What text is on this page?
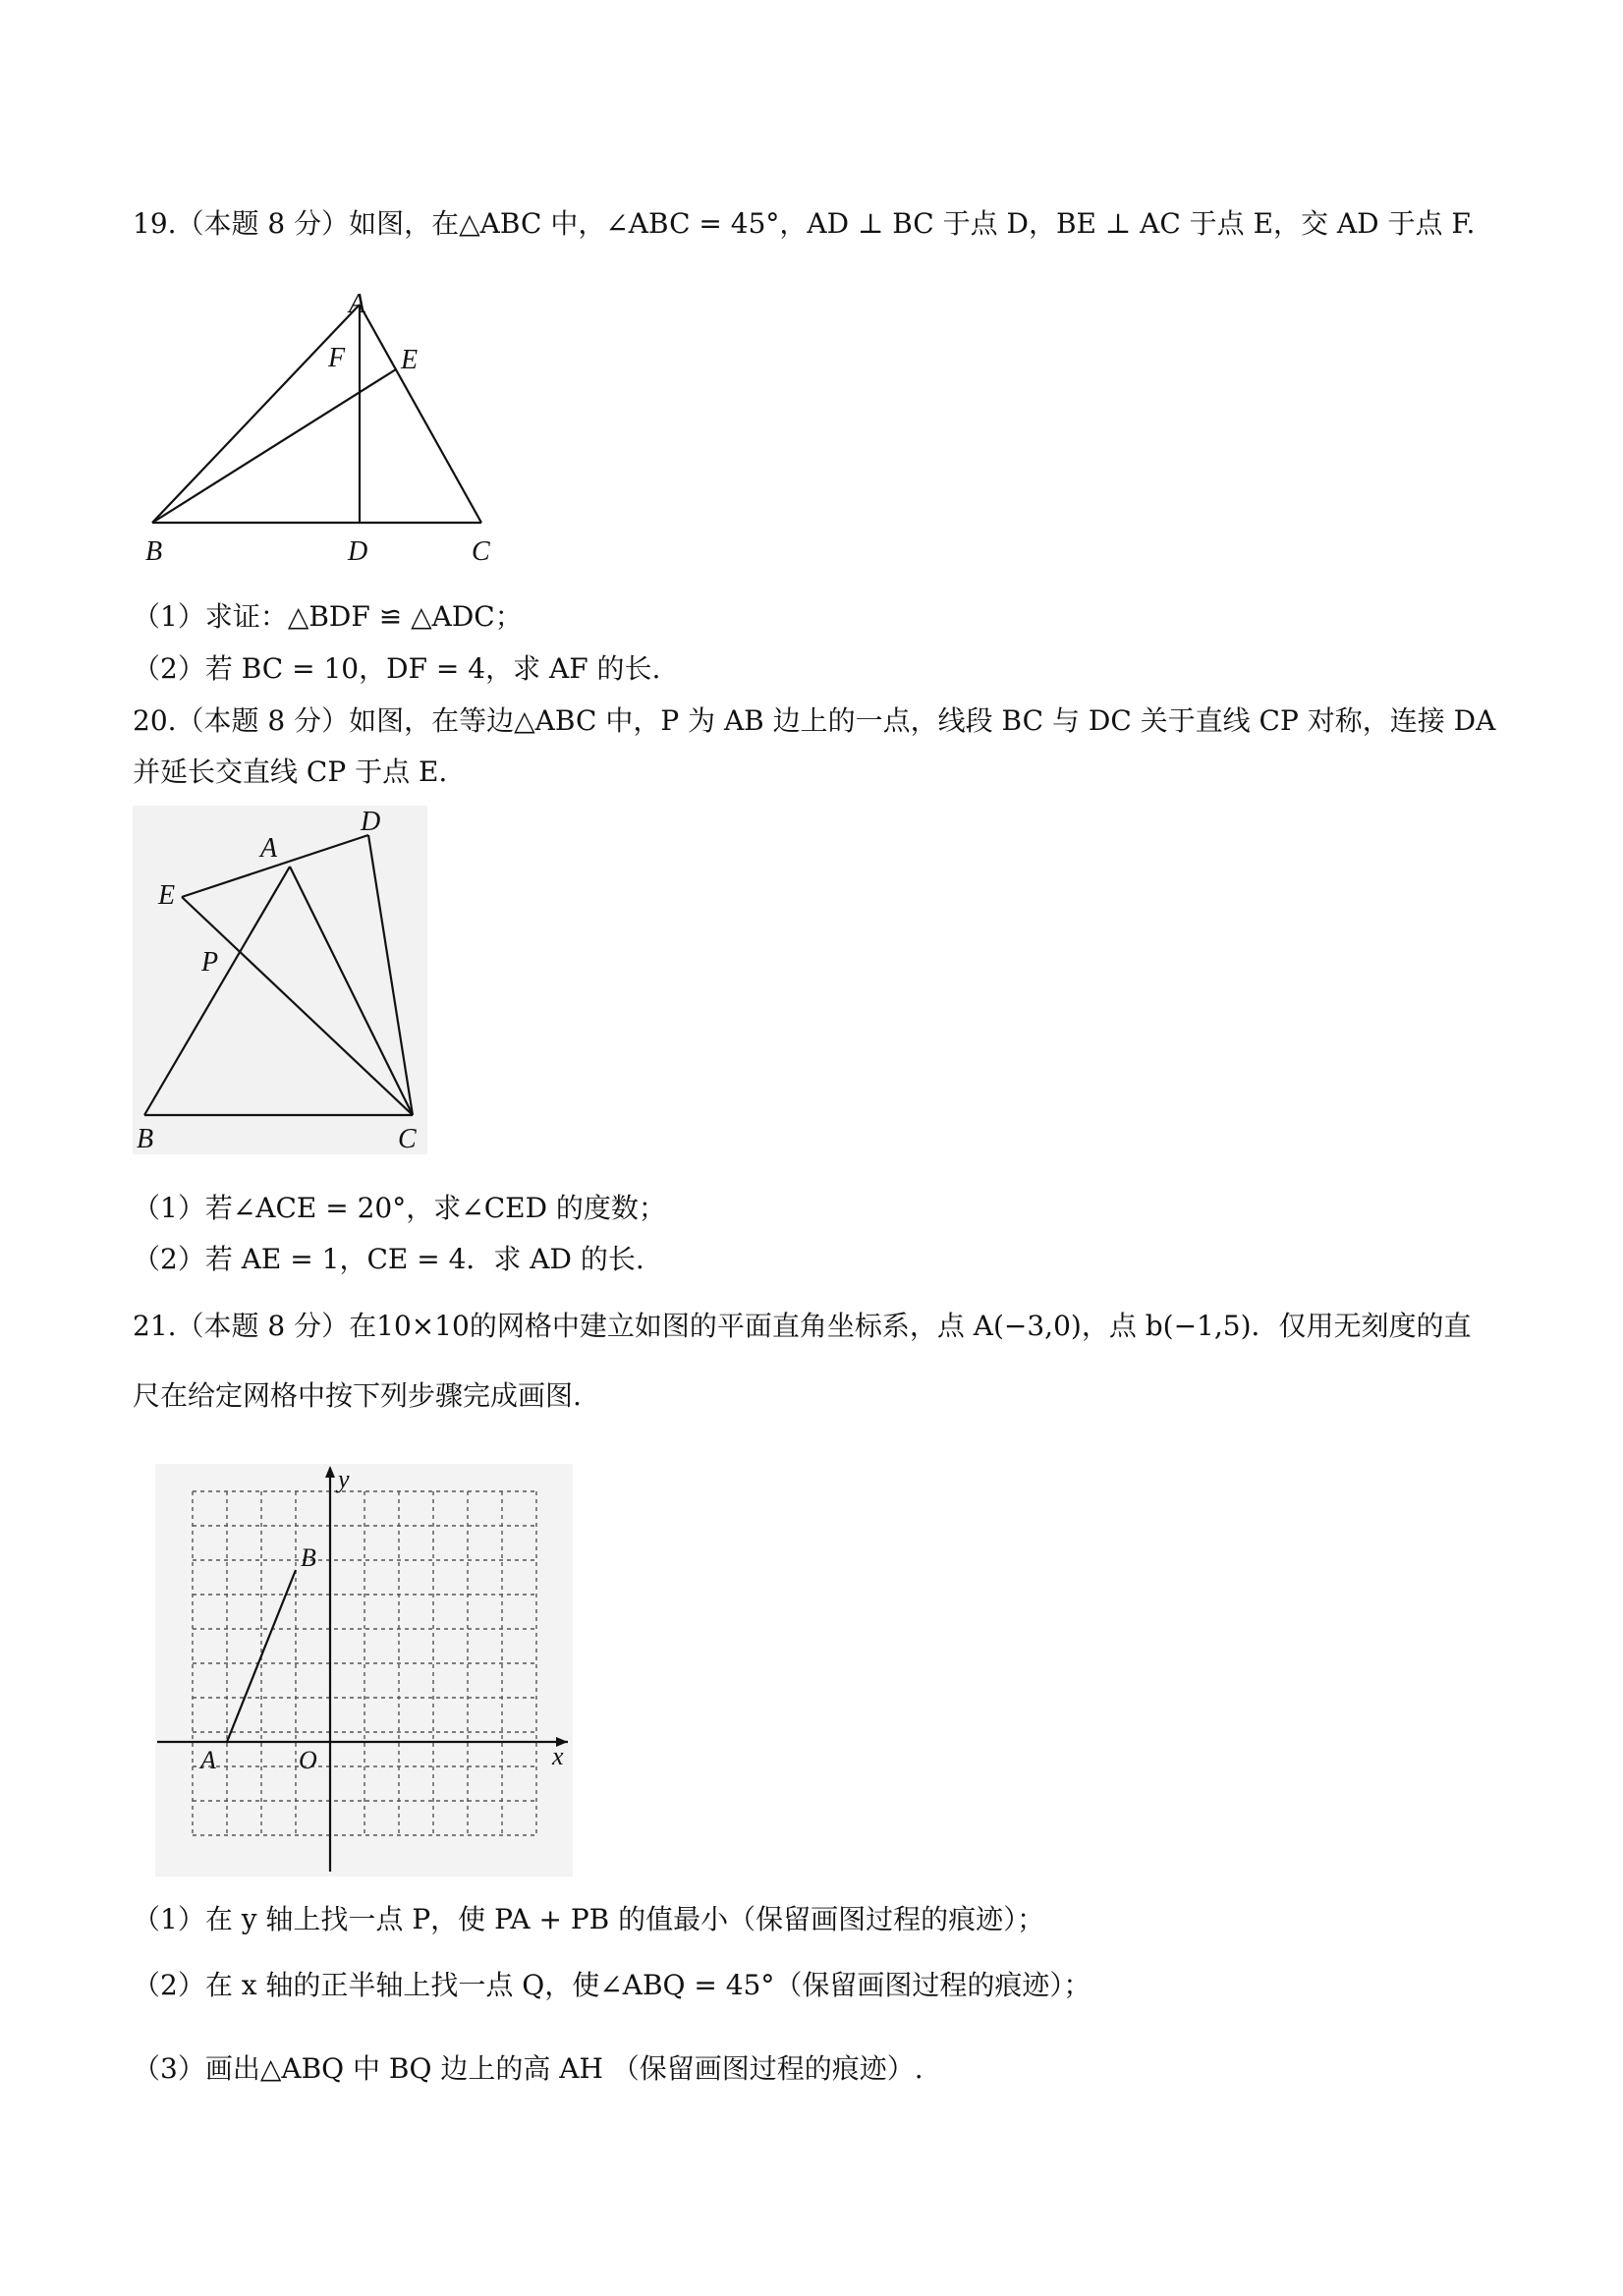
19.（本题 8 分）如图，在△ABC 中，∠ABC = 45°，AD ⊥ BC 于点 D，BE ⊥ AC 于点 E，交 AD 于点 F.
A
E
F
B	D	C
（1）求证：△BDF ≌ △ADC；
（2）若 BC = 10，DF = 4，求 AF 的长.
20.（本题 8 分）如图，在等边△ABC 中，P 为 AB 边上的一点，线段 BC 与 DC 关于直线 CP 对称，连接 DA
并延长交直线 CP 于点 E.
D
A
E
P
B	C
（1）若∠ACE = 20°，求∠CED 的度数；
（2）若 AE = 1，CE = 4．求 AD 的长.
21.（本题 8 分）在10×10的网格中建立如图的平面直角坐标系，点 A(−3,0)，点 b(−1,5)．仅用无刻度的直
尺在给定网格中按下列步骤完成画图.
y
B
A	O	x
（1）在 y 轴上找一点 P，使 PA + PB 的值最小（保留画图过程的痕迹）；
（2）在 x 轴的正半轴上找一点 Q，使∠ABQ = 45°（保留画图过程的痕迹）；
（3）画出△ABQ 中 BQ 边上的高 AH （保留画图过程的痕迹）.
